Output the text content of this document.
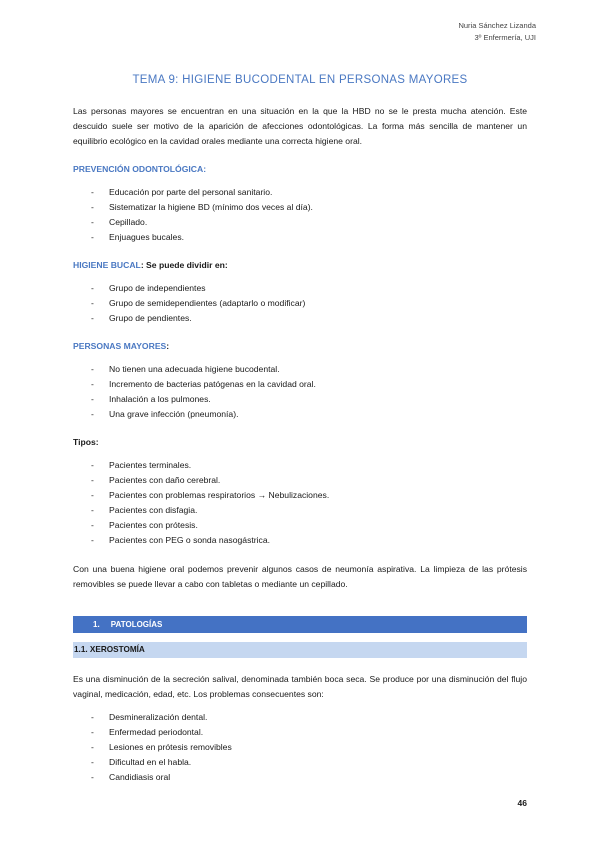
Nuria Sánchez Lizanda
3º Enfermería, UJI
TEMA 9: HIGIENE BUCODENTAL EN PERSONAS MAYORES

Las personas mayores se encuentran en una situación en la que la HBD no se le presta mucha atención. Este descuido suele ser motivo de la aparición de afecciones odontológicas. La forma más sencilla de mantener un equilibrio ecológico en la cavidad orales mediante una correcta higiene oral.

PREVENCIÓN ODONTOLÓGICA:
- Educación por parte del personal sanitario.
- Sistematizar la higiene BD (mínimo dos veces al día).
- Cepillado.
- Enjuagues bucales.
HIGIENE BUCAL: Se puede dividir en:
- Grupo de independientes
- Grupo de semidependientes (adaptarlo o modificar)
- Grupo de pendientes.
PERSONAS MAYORES:
- No tienen una adecuada higiene bucodental.
- Incremento de bacterias patógenas en la cavidad oral.
- Inhalación a los pulmones.
- Una grave infección (pneumonía).
Tipos:
- Pacientes terminales.
- Pacientes con daño cerebral.
- Pacientes con problemas respiratorios → Nebulizaciones.
- Pacientes con disfagia.
- Pacientes con prótesis.
- Pacientes con PEG o sonda nasogástrica.

Con una buena higiene oral podemos prevenir algunos casos de neumonía aspirativa. La limpieza de las prótesis removibles se puede llevar a cabo con tabletas o mediante un cepillado.

1. PATOLOGÍAS
1.1. XEROSTOMÍA

Es una disminución de la secreción salival, denominada también boca seca. Se produce por una disminución del flujo vaginal, medicación, edad, etc. Los problemas consecuentes son:

- Desmineralización dental.
- Enfermedad periodontal.
- Lesiones en prótesis removibles
- Dificultad en el habla.
- Candidiasis oral
46
